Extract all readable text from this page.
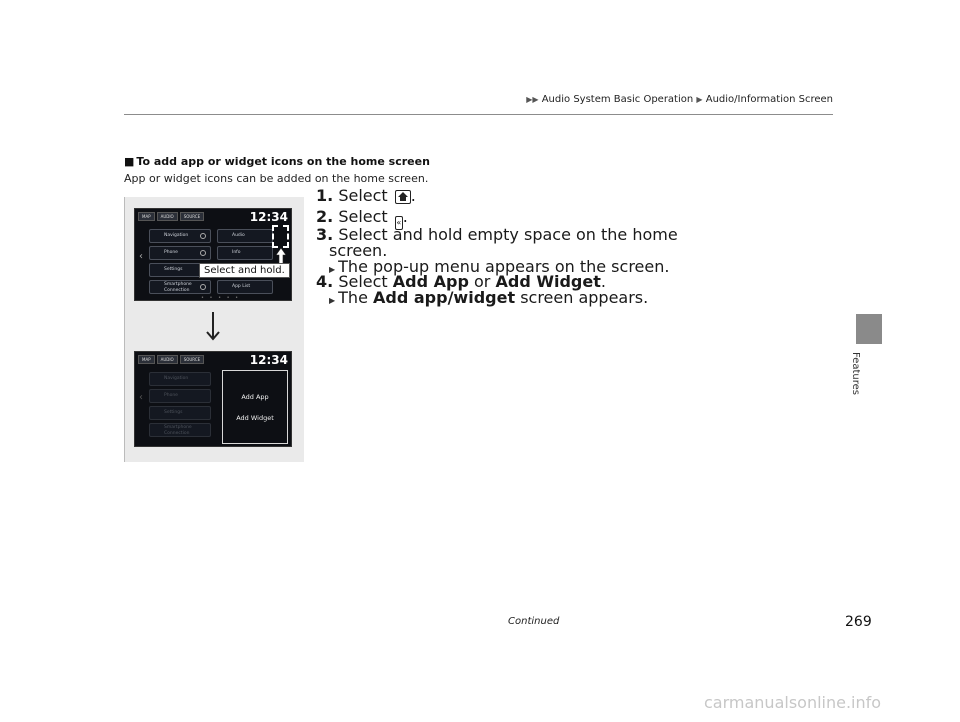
▶▶ Audio System Basic Operation ▶ Audio/Information Screen
Features
■ To add app or widget icons on the home screen
App or widget icons can be added on the home screen.
MAP	AUDIO	SOURCE	12:34
‹
Navigation
Phone
Settings
Smartphone Connection
Audio
Info
App List
• • • • •
Select and hold.
MAP	AUDIO	SOURCE	12:34
‹
Navigation
Phone
Settings
Smartphone Connection
Add App
Add Widget
1. Select .
2. Select «.
3. Select and hold empty space on the home
screen.
▶ The pop-up menu appears on the screen.
4. Select Add App or Add Widget.
▶ The Add app/widget screen appears.
Continued	269
carmanualsonline.info
